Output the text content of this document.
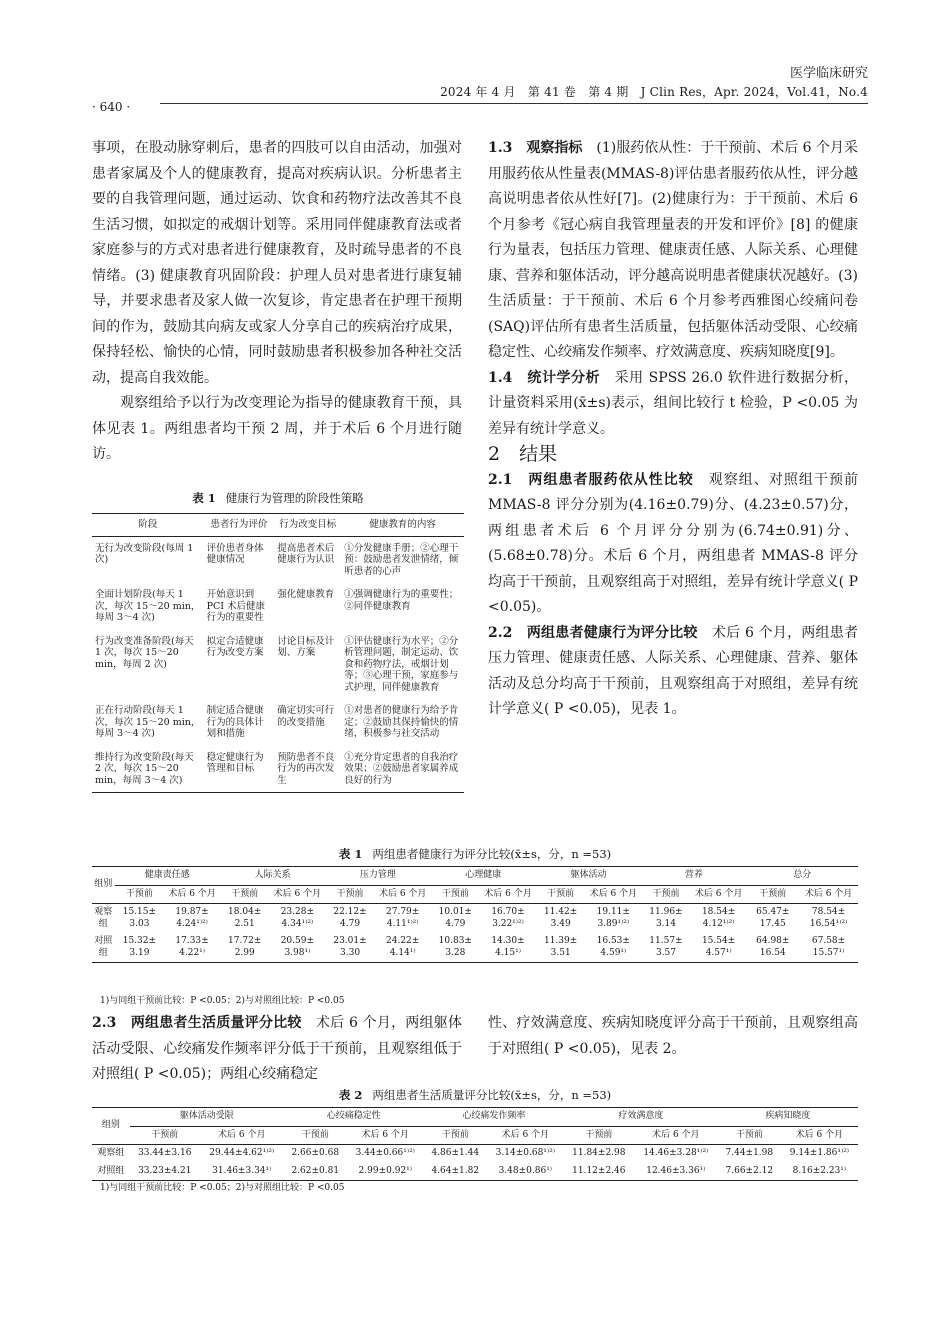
医学临床研究
2024 年 4 月　第 41 卷　第 4 期　J Clin Res，Apr. 2024，Vol.41，No.4
· 640 ·

事项，在股动脉穿刺后，患者的四肢可以自由活动，加强对患者家属及个人的健康教育，提高对疾病认识。分析患者主要的自我管理问题，通过运动、饮食和药物疗法改善其不良生活习惯，如拟定的戒烟计划等。采用同伴健康教育法或者家庭参与的方式对患者进行健康教育，及时疏导患者的不良情绪。(3) 健康教育巩固阶段：护理人员对患者进行康复辅导，并要求患者及家人做一次复诊，肯定患者在护理干预期间的作为，鼓励其向病友或家人分享自己的疾病治疗成果，保持轻松、愉快的心情，同时鼓励患者积极参加各种社交活动，提高自我效能。

观察组给予以行为改变理论为指导的健康教育干预，具体见表 1。两组患者均干预 2 周，并于术后 6 个月进行随访。

1.3　观察指标　 (1)服药依从性：于干预前、术后 6 个月采用服药依从性量表(MMAS-8)评估患者服药依从性，评分越高说明患者依从性好[7]。(2)健康行为：于干预前、术后 6 个月参考《冠心病自我管理量表的开发和评价》[8] 的健康行为量表，包括压力管理、健康责任感、人际关系、心理健康、营养和躯体活动，评分越高说明患者健康状况越好。(3)生活质量：于干预前、术后 6 个月参考西雅图心绞痛问卷(SAQ)评估所有患者生活质量，包括躯体活动受限、心绞痛稳定性、心绞痛发作频率、疗效满意度、疾病知晓度[9]。

1.4　统计学分析　 采用 SPSS 26.0 软件进行数据分析，计量资料采用(x̄±s)表示，组间比较行 t 检验，P <0.05 为差异有统计学意义。

2　结果

2.1　两组患者服药依从性比较　 观察组、对照组干预前 MMAS-8 评分分别为(4.16±0.79)分、(4.23±0.57)分，两组患者术后 6 个月评分分别为(6.74±0.91)分、(5.68±0.78)分。术后 6 个月，两组患者 MMAS-8 评分均高于干预前，且观察组高于对照组，差异有统计学意义( P <0.05)。

2.2　两组患者健康行为评分比较　 术后 6 个月，两组患者压力管理、健康责任感、人际关系、心理健康、营养、躯体活动及总分均高于干预前，且观察组高于对照组，差异有统计学意义( P <0.05)，见表 1。

表 1 健康行为管理的阶段性策略
阶段	患者行为评价	行为改变目标	健康教育的内容
无行为改变阶段(每周 1 次)	评价患者身体健康情况	提高患者术后健康行为认识	①分发健康手册；②心理干预：鼓励患者发泄情绪，倾听患者的心声
全面计划阶段(每天 1 次，每次 15～20 min，每周 3～4 次)	开始意识到 PCI 术后健康行为的重要性	强化健康教育	①强调健康行为的重要性；②同伴健康教育
行为改变准备阶段(每天 1 次，每次 15～20 min，每周 2 次)	拟定合适健康行为改变方案	讨论目标及计划、方案	①评估健康行为水平；②分析管理问题，制定运动、饮食和药物疗法，戒烟计划等；③心理干预，家庭参与式护理，同伴健康教育
正在行动阶段(每天 1 次，每次 15～20 min，每周 3～4 次)	制定适合健康行为的具体计划和措施	确定切实可行的改变措施	①对患者的健康行为给予肯定；②鼓励其保持愉快的情绪，积极参与社交活动
维持行为改变阶段(每天 2 次，每次 15～20 min，每周 3～4 次)	稳定健康行为管理和目标	预防患者不良行为的再次发生	①充分肯定患者的自我治疗效果；②鼓励患者家属养成良好的行为
表 1 两组患者健康行为评分比较(x̄±s，分，n =53)
组别	健康责任感		人际关系		压力管理		心理健康		躯体活动		营养		总分	
	干预前	术后 6 个月	干预前	术后 6 个月	干预前	术后 6 个月	干预前	术后 6 个月	干预前	术后 6 个月	干预前	术后 6 个月	干预前	术后 6 个月
观察组	15.15± 3.03	19.87± 4.24¹⁾²⁾	18.04± 2.51	23.28± 4.34¹⁾²⁾	22.12± 4.79	27.79± 4.11¹⁾²⁾	10.01± 4.79	16.70± 3.22¹⁾²⁾	11.42± 3.49	19.11± 3.89¹⁾²⁾	11.96± 3.14	18.54± 4.12¹⁾²⁾	65.47± 17.45	78.54± 16.54¹⁾²⁾
对照组	15.32± 3.19	17.33± 4.22¹⁾	17.72± 2.99	20.59± 3.98¹⁾	23.01± 3.30	24.22± 4.14¹⁾	10.83± 3.28	14.30± 4.15¹⁾	11.39± 3.51	16.53± 4.59¹⁾	11.57± 3.57	15.54± 4.57¹⁾	64.98± 16.54	67.58± 15.57¹⁾
1)与同组干预前比较：P <0.05；2)与对照组比较：P <0.05
2.3　两组患者生活质量评分比较　 术后 6 个月，两组躯体活动受限、心绞痛发作频率评分低于干预前，且观察组低于对照组( P <0.05)；两组心绞痛稳定
性、疗效满意度、疾病知晓度评分高于干预前，且观察组高于对照组( P <0.05)，见表 2。
表 2 两组患者生活质量评分比较(x̄±s，分，n =53)
组别	躯体活动受限		心绞痛稳定性		心绞痛发作频率		疗效满意度		疾病知晓度	
	干预前	术后 6 个月	干预前	术后 6 个月	干预前	术后 6 个月	干预前	术后 6 个月	干预前	术后 6 个月
观察组	33.44±3.16	29.44±4.62¹⁾²⁾	2.66±0.68	3.44±0.66¹⁾²⁾	4.86±1.44	3.14±0.68¹⁾²⁾	11.84±2.98	14.46±3.28¹⁾²⁾	7.44±1.98	9.14±1.86¹⁾²⁾
对照组	33.23±4.21	31.46±3.34¹⁾	2.62±0.81	2.99±0.92¹⁾	4.64±1.82	3.48±0.86¹⁾	11.12±2.46	12.46±3.36¹⁾	7.66±2.12	8.16±2.23¹⁾
1)与同组干预前比较：P <0.05；2)与对照组比较：P <0.05
